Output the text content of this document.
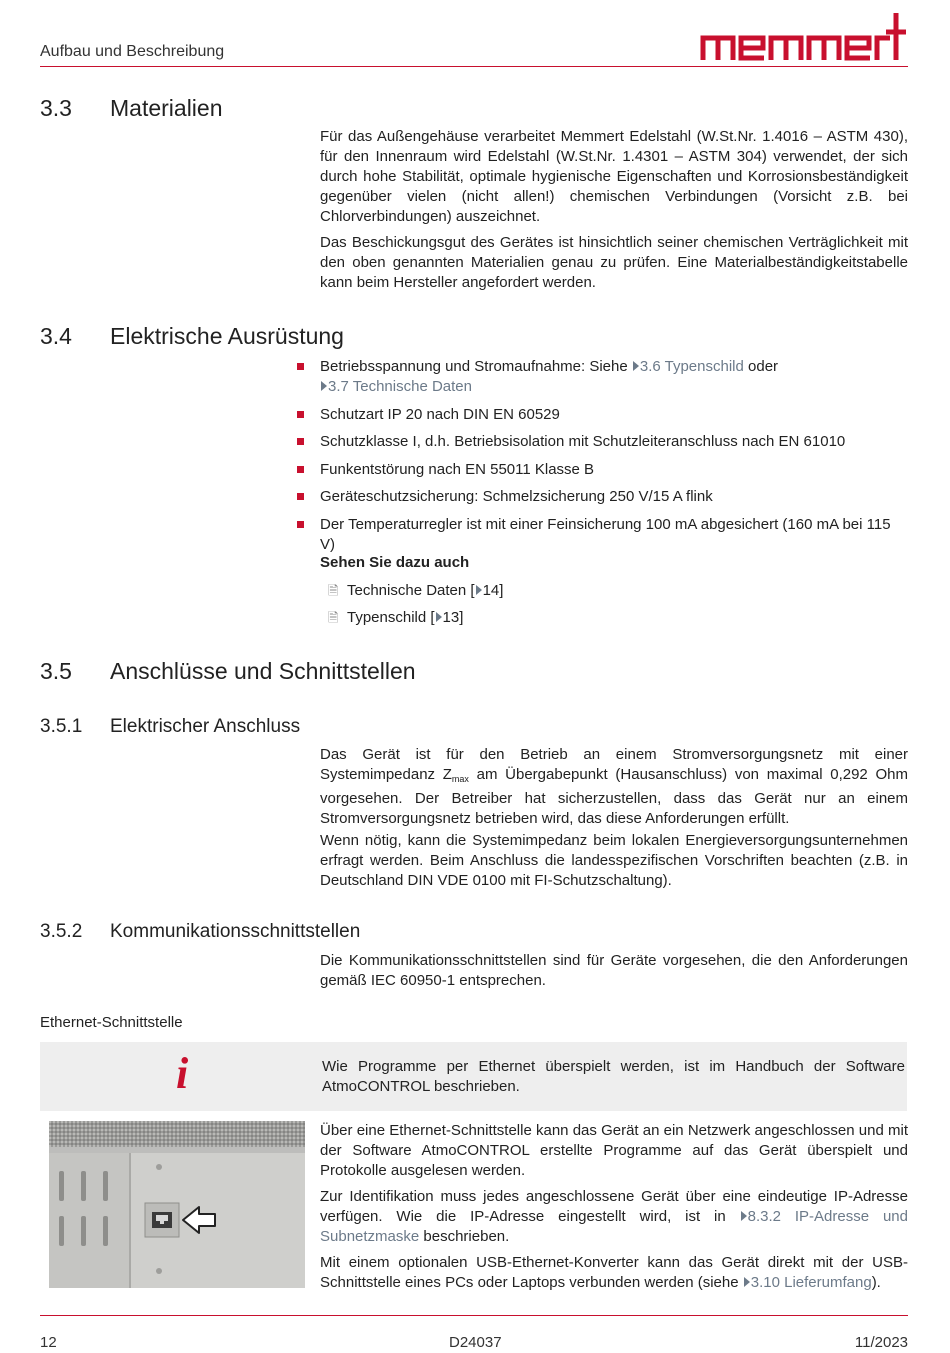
Aufbau und Beschreibung
3.3 Materialien
Für das Außengehäuse verarbeitet Memmert Edelstahl (W.St.Nr. 1.4016 – ASTM 430), für den Innenraum wird Edelstahl (W.St.Nr. 1.4301 – ASTM 304) verwendet, der sich durch hohe Stabilität, optimale hygienische Eigenschaften und Korrosionsbeständigkeit gegenüber vielen (nicht allen!) chemischen Verbindungen (Vorsicht z.B. bei Chlorverbindungen) auszeichnet.
Das Beschickungsgut des Gerätes ist hinsichtlich seiner chemischen Verträglichkeit mit den oben genannten Materialien genau zu prüfen. Eine Materialbeständigkeitstabelle kann beim Hersteller angefordert werden.
3.4 Elektrische Ausrüstung
Betriebsspannung und Stromaufnahme: Siehe 3.6 Typenschild oder
3.7 Technische Daten
Schutzart IP 20 nach DIN EN 60529
Schutzklasse I, d.h. Betriebsisolation mit Schutzleiteranschluss nach EN 61010
Funkentstörung nach EN 55011 Klasse B
Geräteschutzsicherung: Schmelzsicherung 250 V/15 A flink
Der Temperaturregler ist mit einer Feinsicherung 100 mA abgesichert (160 mA bei 115 V)
Sehen Sie dazu auch
🗎 Technische Daten [ 14]
🗎 Typenschild [ 13]
3.5 Anschlüsse und Schnittstellen
3.5.1 Elektrischer Anschluss
Das Gerät ist für den Betrieb an einem Stromversorgungsnetz mit einer Systemimpedanz $Z_{max}$ am Übergabepunkt (Hausanschluss) von maximal 0,292 Ohm vorgesehen. Der Betreiber hat sicherzustellen, dass das Gerät nur an einem Stromversorgungsnetz betrieben wird, das diese Anforderungen erfüllt.
Wenn nötig, kann die Systemimpedanz beim lokalen Energieversorgungsunternehmen erfragt werden. Beim Anschluss die landesspezifischen Vorschriften beachten (z.B. in Deutschland DIN VDE 0100 mit FI-Schutzschaltung).
3.5.2 Kommunikationsschnittstellen
Die Kommunikationsschnittstellen sind für Geräte vorgesehen, die den Anforderungen gemäß IEC 60950-1 entsprechen.
Ethernet-Schnittstelle
i	Wie Programme per Ethernet überspielt werden, ist im Handbuch der Software AtmoCONTROL beschrieben.
Über eine Ethernet-Schnittstelle kann das Gerät an ein Netzwerk angeschlossen und mit der Software AtmoCONTROL erstellte Programme auf das Gerät überspielt und Protokolle ausgelesen werden.
Zur Identifikation muss jedes angeschlossene Gerät über eine eindeutige IP-Adresse verfügen. Wie die IP-Adresse eingestellt wird, ist in 8.3.2 IP-Adresse und Subnetzmaske beschrieben.
Mit einem optionalen USB-Ethernet-Konverter kann das Gerät direkt mit der USB-Schnittstelle eines PCs oder Laptops verbunden werden (siehe 3.10 Lieferumfang).
12	D24037	11/2023
